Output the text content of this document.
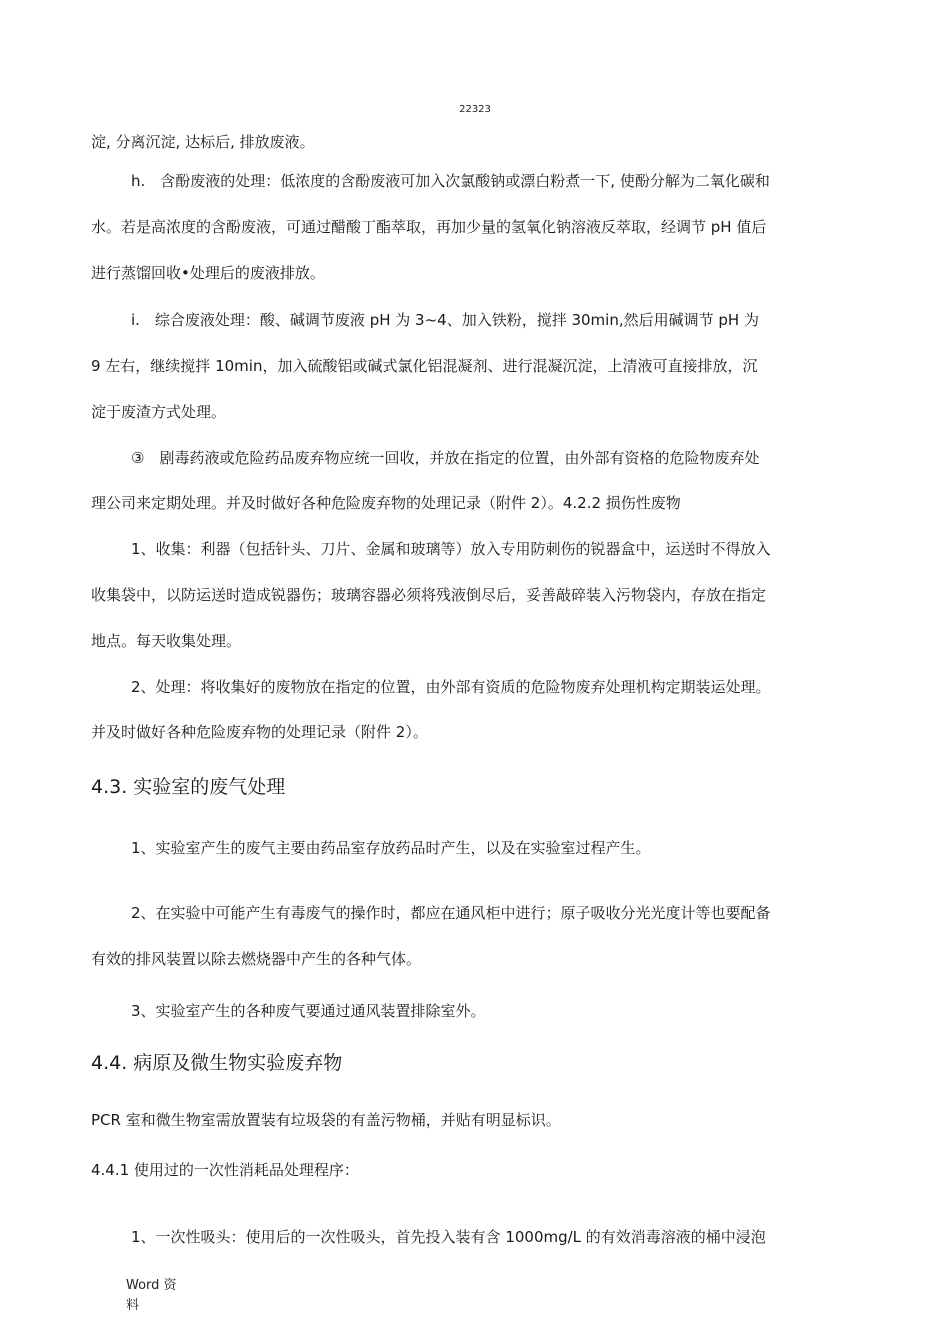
22323
淀, 分离沉淀, 达标后, 排放废液。
h.　含酚废液的处理：低浓度的含酚废液可加入次氯酸钠或漂白粉煮一下, 使酚分解为二氧化碳和
水。若是高浓度的含酚废液，可通过醋酸丁酯萃取，再加少量的氢氧化钠溶液反萃取，经调节 pH 值后
进行蒸馏回收•处理后的废液排放。
i.　综合废液处理：酸、碱调节废液 pH 为 3~4、加入铁粉，搅拌 30min,然后用碱调节 pH 为
9 左右，继续搅拌 10min，加入硫酸铝或碱式氯化铝混凝剂、进行混凝沉淀，上清液可直接排放，沉
淀于废渣方式处理。
③　剧毒药液或危险药品废弃物应统一回收，并放在指定的位置，由外部有资格的危险物废弃处
理公司来定期处理。并及时做好各种危险废弃物的处理记录（附件 2）。4.2.2 损伤性废物
1、收集：利器（包括针头、刀片、金属和玻璃等）放入专用防刺伤的锐器盒中，运送时不得放入
收集袋中，以防运送时造成锐器伤；玻璃容器必须将残液倒尽后，妥善敲碎装入污物袋内，存放在指定
地点。每天收集处理。
2、处理：将收集好的废物放在指定的位置，由外部有资质的危险物废弃处理机构定期装运处理。
并及时做好各种危险废弃物的处理记录（附件 2）。
4.3. 实验室的废气处理
1、实验室产生的废气主要由药品室存放药品时产生，以及在实验室过程产生。
2、在实验中可能产生有毒废气的操作时，都应在通风柜中进行；原子吸收分光光度计等也要配备
有效的排风装置以除去燃烧器中产生的各种气体。
3、实验室产生的各种废气要通过通风装置排除室外。
4.4. 病原及微生物实验废弃物
PCR 室和微生物室需放置装有垃圾袋的有盖污物桶，并贴有明显标识。
4.4.1 使用过的一次性消耗品处理程序：
1、一次性吸头：使用后的一次性吸头，首先投入装有含 1000mg/L 的有效消毒溶液的桶中浸泡
Word 资
料
